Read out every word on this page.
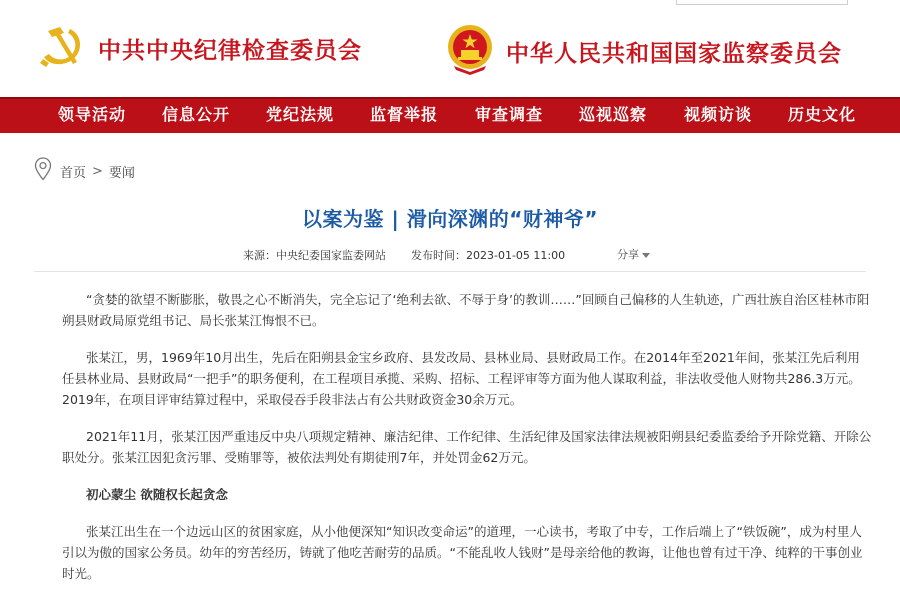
中共中央纪律检查委员会	中华人民共和国国家监察委员会
领导活动 信息公开 党纪法规 监督举报 审查调查 巡视巡察 视频访谈 历史文化
首页 > 要闻
以案为鉴 | 滑向深渊的“财神爷”
来源：中央纪委国家监委网站 发布时间：2023-01-05 11:00	分享

“贪婪的欲望不断膨胀，敬畏之心不断消失，完全忘记了‘绝利去欲、不辱于身’的教训……”回顾自己偏移的人生轨迹，广西壮族自治区桂林市阳朔县财政局原党组书记、局长张某江悔恨不已。

张某江，男，1969年10月出生，先后在阳朔县金宝乡政府、县发改局、县林业局、县财政局工作。在2014年至2021年间，张某江先后利用任县林业局、县财政局“一把手”的职务便利，在工程项目承揽、采购、招标、工程评审等方面为他人谋取利益，非法收受他人财物共286.3万元。2019年，在项目评审结算过程中，采取侵吞手段非法占有公共财政资金30余万元。

2021年11月，张某江因严重违反中央八项规定精神、廉洁纪律、工作纪律、生活纪律及国家法律法规被阳朔县纪委监委给予开除党籍、开除公职处分。张某江因犯贪污罪、受贿罪等，被依法判处有期徒刑7年，并处罚金62万元。

初心蒙尘 欲随权长起贪念

张某江出生在一个边远山区的贫困家庭，从小他便深知“知识改变命运”的道理，一心读书，考取了中专，工作后端上了“铁饭碗”，成为村里人引以为傲的国家公务员。幼年的穷苦经历，铸就了他吃苦耐劳的品质。“不能乱收人钱财”是母亲给他的教诲，让他也曾有过干净、纯粹的干事创业时光。
